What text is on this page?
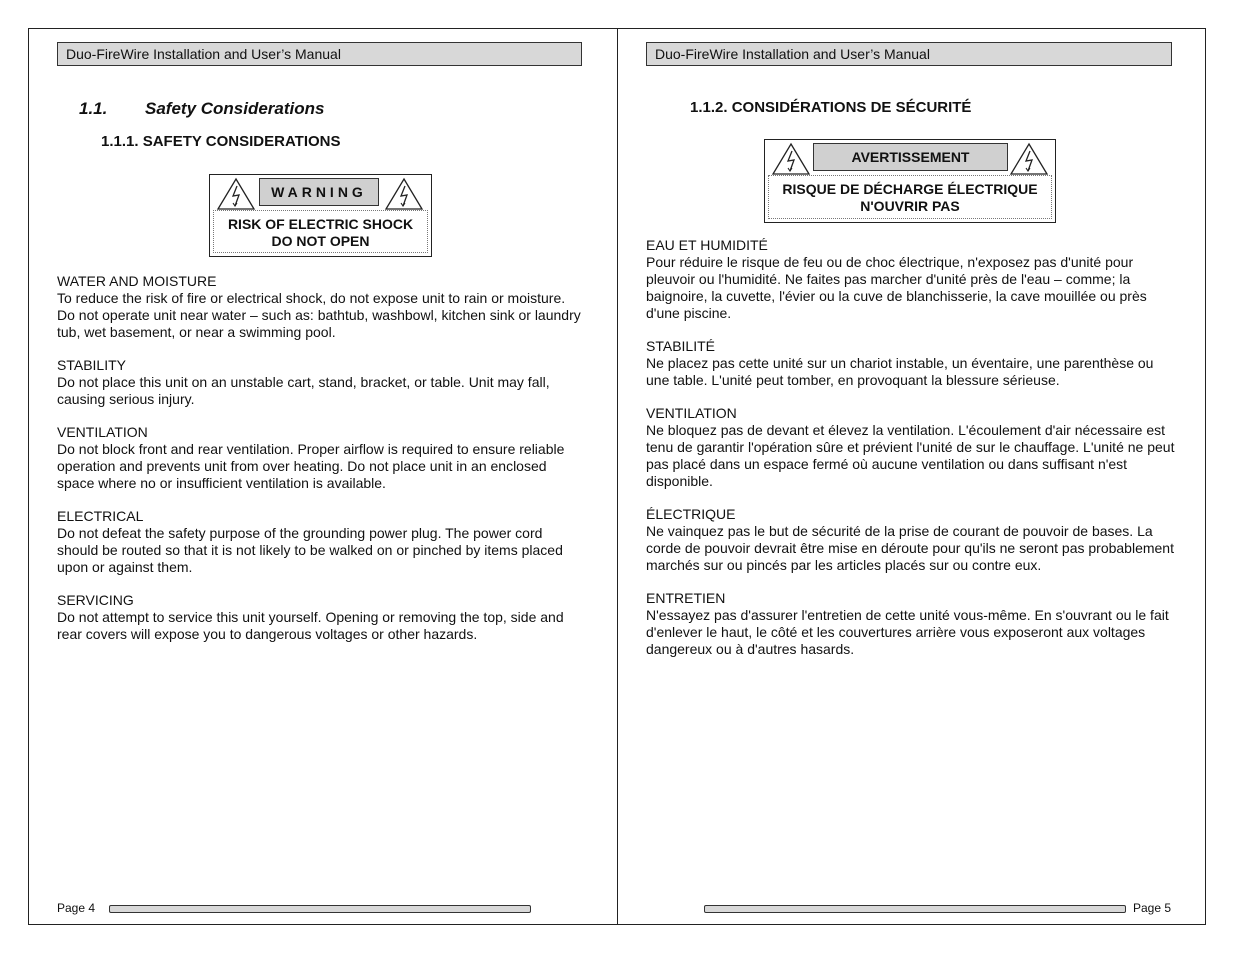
Duo-FireWire Installation and User’s Manual
1.1. Safety Considerations
1.1.1. SAFETY CONSIDERATIONS
WARNING
RISK OF ELECTRIC SHOCK
DO NOT OPEN

WATER AND MOISTURE
To reduce the risk of fire or electrical shock, do not expose unit to rain or moisture. Do not operate unit near water – such as: bathtub, washbowl, kitchen sink or laundry tub, wet basement, or near a swimming pool.

STABILITY
Do not place this unit on an unstable cart, stand, bracket, or table. Unit may fall, causing serious injury.

VENTILATION
Do not block front and rear ventilation. Proper airflow is required to ensure reliable operation and prevents unit from over heating. Do not place unit in an enclosed space where no or insufficient ventilation is available.

ELECTRICAL
Do not defeat the safety purpose of the grounding power plug. The power cord should be routed so that it is not likely to be walked on or pinched by items placed upon or against them.

SERVICING
Do not attempt to service this unit yourself. Opening or removing the top, side and rear covers will expose you to dangerous voltages or other hazards.

Page 4
Duo-FireWire Installation and User’s Manual
1.1.2. CONSIDÉRATIONS DE SÉCURITÉ
AVERTISSEMENT
RISQUE DE DÉCHARGE ÉLECTRIQUE
N'OUVRIR PAS

EAU ET HUMIDITÉ
Pour réduire le risque de feu ou de choc électrique, n'exposez pas d'unité pour pleuvoir ou l'humidité. Ne faites pas marcher d'unité près de l'eau – comme; la baignoire, la cuvette, l'évier ou la cuve de blanchisserie, la cave mouillée ou près d'une piscine.

STABILITÉ
Ne placez pas cette unité sur un chariot instable, un éventaire, une parenthèse ou une table. L'unité peut tomber, en provoquant la blessure sérieuse.

VENTILATION
Ne bloquez pas de devant et élevez la ventilation. L'écoulement d'air nécessaire est tenu de garantir l'opération sûre et prévient l'unité de sur le chauffage. L'unité ne peut pas placé dans un espace fermé où aucune ventilation ou dans suffisant n'est disponible.

ÉLECTRIQUE
Ne vainquez pas le but de sécurité de la prise de courant de pouvoir de bases. La corde de pouvoir devrait être mise en déroute pour qu'ils ne seront pas probablement marchés sur ou pincés par les articles placés sur ou contre eux.

ENTRETIEN
N'essayez pas d'assurer l'entretien de cette unité vous-même. En s'ouvrant ou le fait d'enlever le haut, le côté et les couvertures arrière vous exposeront aux voltages dangereux ou à d'autres hasards.

Page 5
